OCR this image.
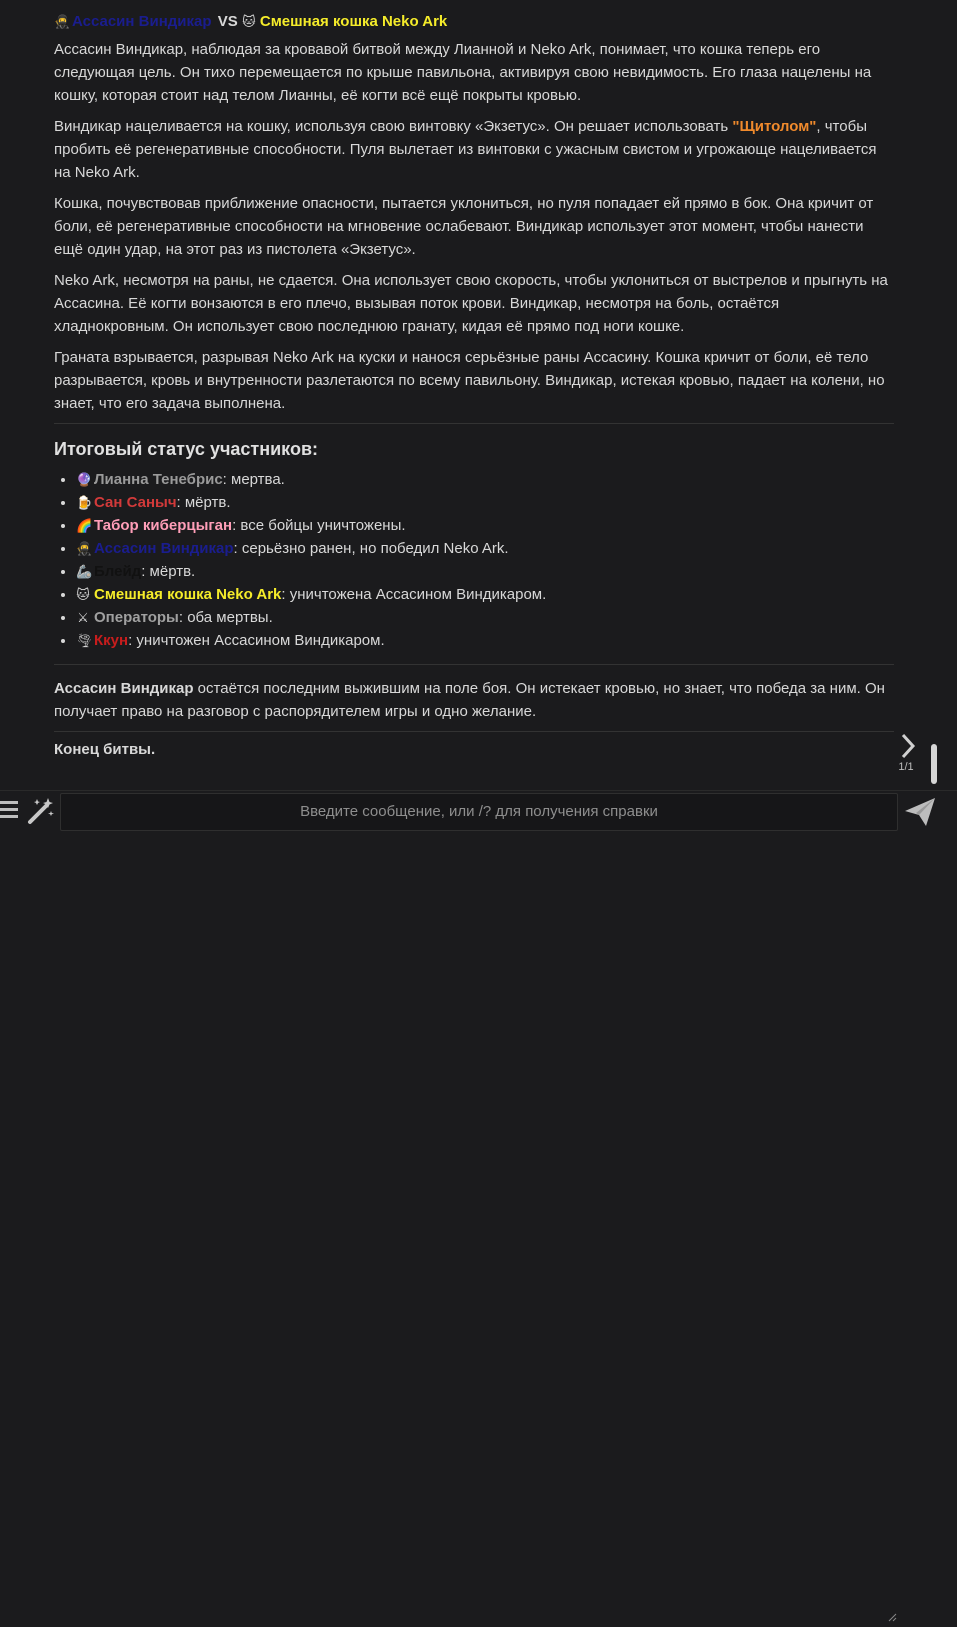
🥷 Ассасин Виндикар VS 🐱 Смешная кошка Neko Ark

Ассасин Виндикар, наблюдая за кровавой битвой между Лианной и Neko Ark, понимает, что кошка теперь его следующая цель. Он тихо перемещается по крыше павильона, активируя свою невидимость. Его глаза нацелены на кошку, которая стоит над телом Лианны, её когти всё ещё покрыты кровью.

Виндикар нацеливается на кошку, используя свою винтовку «Экзетус». Он решает использовать "Щитолом", чтобы пробить её регенеративные способности. Пуля вылетает из винтовки с ужасным свистом и угрожающе нацеливается на Neko Ark.

Кошка, почувствовав приближение опасности, пытается уклониться, но пуля попадает ей прямо в бок. Она кричит от боли, её регенеративные способности на мгновение ослабевают. Виндикар использует этот момент, чтобы нанести ещё один удар, на этот раз из пистолета «Экзетус».

Neko Ark, несмотря на раны, не сдается. Она использует свою скорость, чтобы уклониться от выстрелов и прыгнуть на Ассасина. Её когти вонзаются в его плечо, вызывая поток крови. Виндикар, несмотря на боль, остаётся хладнокровным. Он использует свою последнюю гранату, кидая её прямо под ноги кошке.

Граната взрывается, разрывая Neko Ark на куски и нанося серьёзные раны Ассасину. Кошка кричит от боли, её тело разрывается, кровь и внутренности разлетаются по всему павильону. Виндикар, истекая кровью, падает на колени, но знает, что его задача выполнена.

Итоговый статус участников:
• 🔮 Лианна Тенебрис: мертва.
• 🍺 Сан Саныч: мёртв.
• 🌈 Табор киберцыган: все бойцы уничтожены.
• 🥷 Ассасин Виндикар: серьёзно ранен, но победил Neko Ark.
• 🦾 Блейд: мёртв.
• 🐱 Смешная кошка Neko Ark: уничтожена Ассасином Виндикаром.
• ⚔ Операторы: оба мертвы.
• 🌪Ккун: уничтожен Ассасином Виндикаром.

Ассасин Виндикар остаётся последним выжившим на поле боя. Он истекает кровью, но знает, что победа за ним. Он получает право на разговор с распорядителем игры и одно желание.

Конец битвы.

1/1
Введите сообщение, или /? для получения справки
